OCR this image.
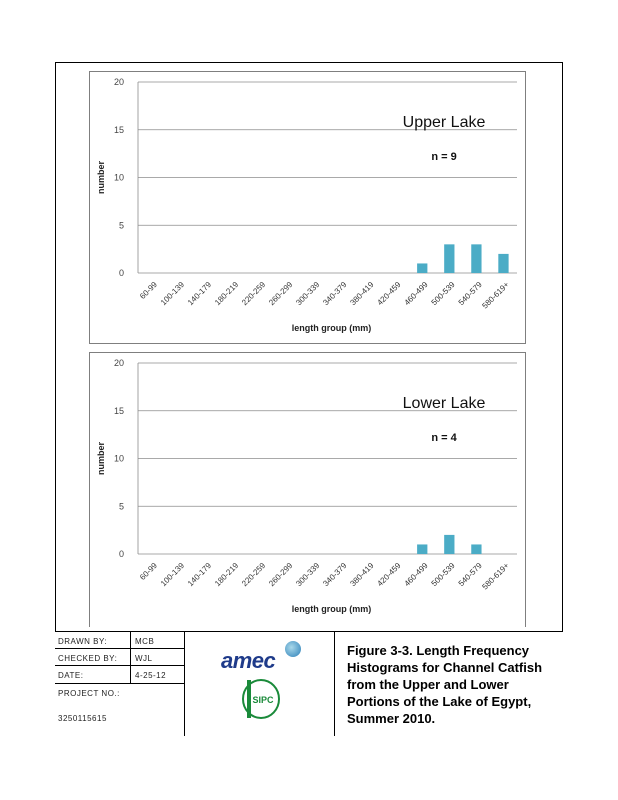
0
5
10
15
20
60-99 100-139 140-179 180-219 220-259 260-299 300-339 340-379 380-419 420-459 460-499 500-539 540-579
580-619+
number
length group (mm)
Upper Lake
n = 9
0
5
10
15
20
60-99 100-139 140-179 180-219 220-259 260-299 300-339 340-379 380-419 420-459 460-499 500-539 540-579
580-619+
number
length group (mm)
Lower Lake
n = 4
DRAWN BY:	MCB
CHECKED BY: WJL
DATE:	4-25-12
PROJECT NO.:
3250115615
amec
SIPC
Figure 3-3. Length Frequency Histograms for Channel Catfish from the Upper and Lower Portions of the Lake of Egypt, Summer 2010.
